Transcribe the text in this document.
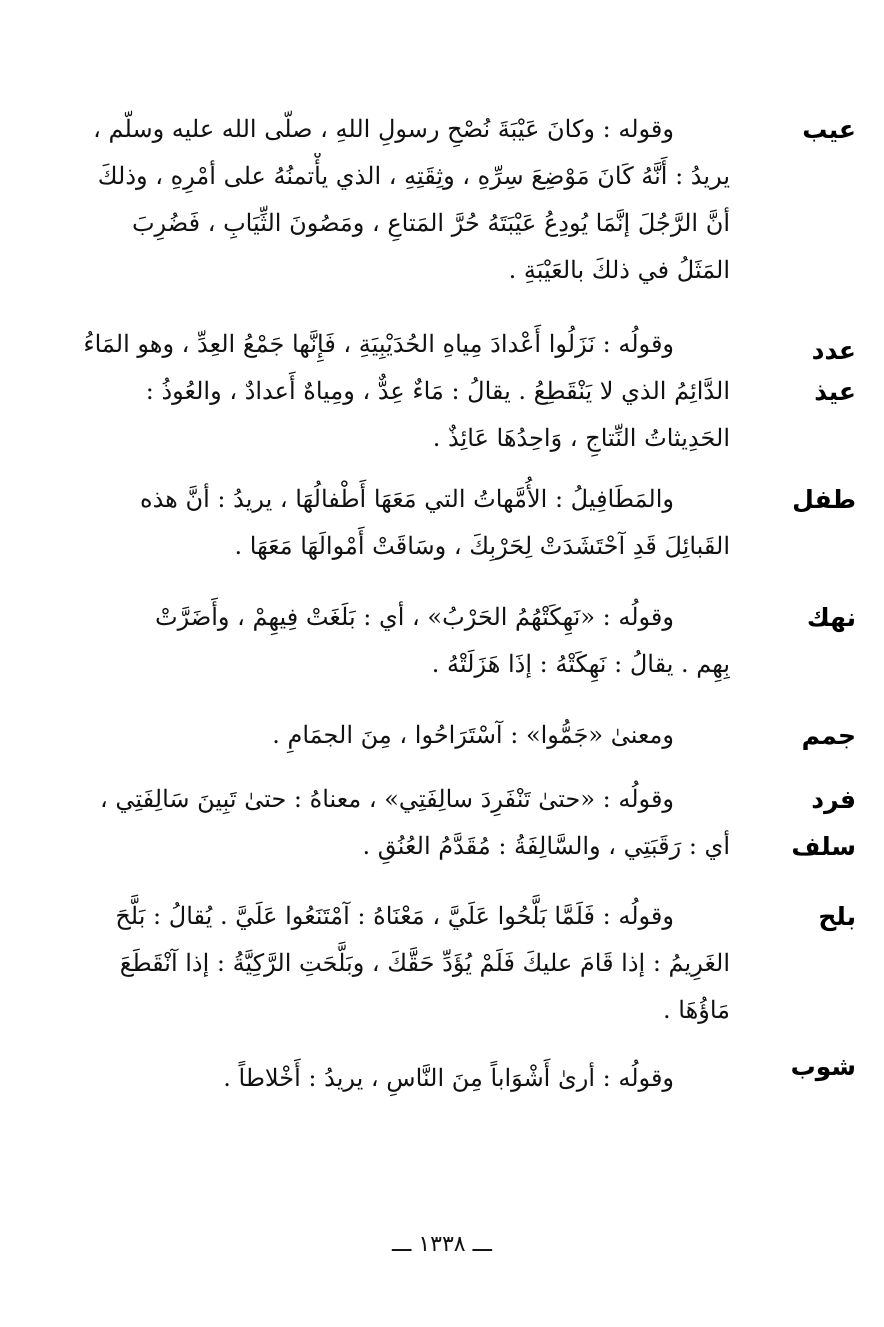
عيب
وقوله : وكانَ عَيْبَةَ نُصْحِ رسولِ اللهِ ، صلّى الله عليه وسلّم ،
يريدُ : أَنَّهُ كَانَ مَوْضِعَ سِرِّهِ ، وثِقَتِهِ ، الذي يأْتمنُهُ على أمْرِهِ ، وذلكَ
أنَّ الرَّجُلَ إنَّمَا يُودِعُ عَيْبَتَهُ حُرَّ المَتاعِ ، ومَصُونَ الثِّيَابِ ، فَضُرِبَ
المَثَلُ في ذلكَ بالعَيْبَةِ .
عدد
عيذ
وقولُه : نَزَلُوا أَعْدادَ مِياهِ الحُدَيْبِيَةِ ، فَإِنَّها جَمْعُ العِدِّ ، وهو المَاءُ
الدَّائِمُ الذي لا يَنْقَطِعُ . يقالُ : مَاءٌ عِدٌّ ، ومِياهٌ أَعدادٌ ، والعُوذُ :
الحَدِيثاتُ النِّتاجِ ، وَاحِدُهَا عَائِذٌ .
طفل
والمَطَافِيلُ : الأُمَّهاتُ التي مَعَهَا أَطْفالُهَا ، يريدُ : أنَّ هذه
القَبائِلَ قَدِ آحْتَشَدَتْ لِحَرْبِكَ ، وسَاقَتْ أَمْوالَهَا مَعَهَا .
نهك
وقولُه : «نَهِكَتْهُمُ الحَرْبُ» ، أي : بَلَغَتْ فِيهِمْ ، وأَضَرَّتْ
بِهِم . يقالُ : نَهِكَتْهُ : إذَا هَزَلَتْهُ .
جمم
ومعنىٰ «جَمُّوا» : آسْتَرَاحُوا ، مِنَ الجمَامِ .
فرد
سلف
وقولُه : «حتىٰ تَنْفَرِدَ سالِفَتِي» ، معناهُ : حتىٰ تَبِينَ سَالِفَتِي ،
أي : رَقَبَتِي ، والسَّالِفَةُ : مُقَدَّمُ العُنُقِ .
بلح
وقولُه : فَلَمَّا بَلَّحُوا عَلَيَّ ، مَعْنَاهُ : آمْتَنَعُوا عَلَيَّ . يُقالُ : بَلَّحَ
الغَرِيمُ : إذا قَامَ عليكَ فَلَمْ يُؤَدِّ حَقَّكَ ، وبَلَّحَتِ الرَّكِيَّةُ : إذا آنْقَطَعَ
مَاؤُهَا .
شوب
وقولُه : أرىٰ أَشْوَاباً مِنَ النَّاسِ ، يريدُ : أَخْلاطاً .
ـــ ١٣٣٨ ـــ
